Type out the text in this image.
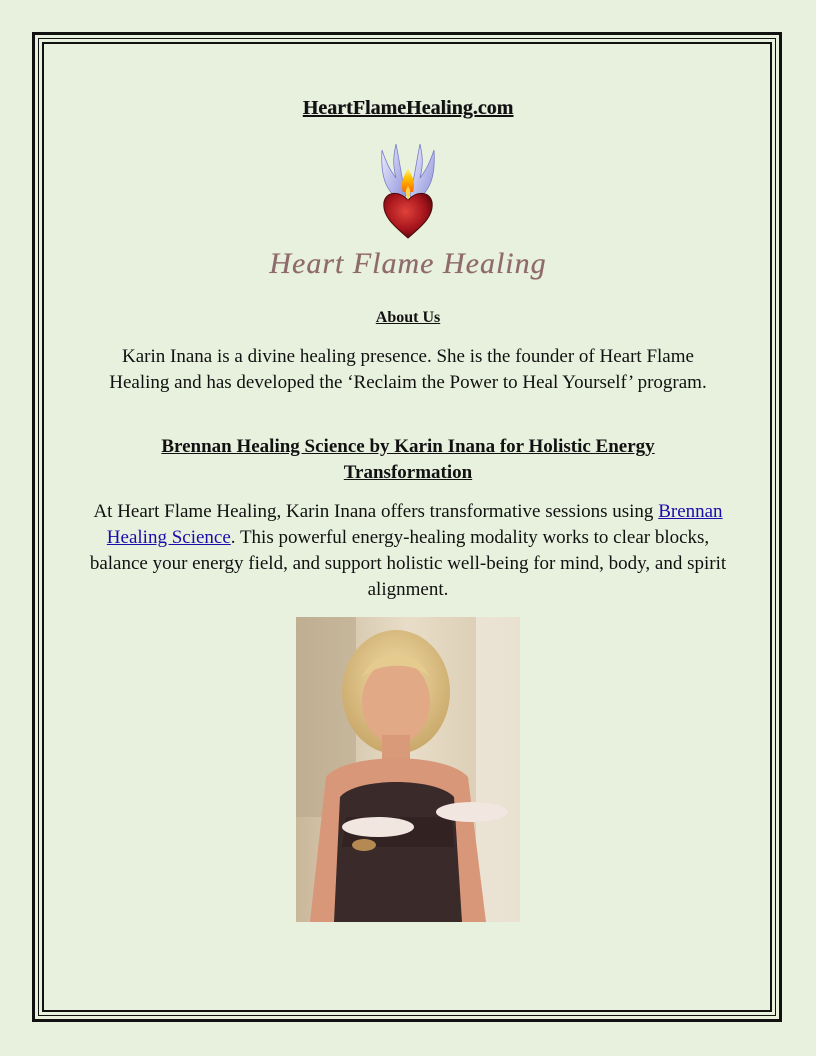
HeartFlameHealing.com
Heart Flame Healing
About Us
Karin Inana is a divine healing presence. She is the founder of Heart Flame Healing and has developed the ‘Reclaim the Power to Heal Yourself’ program.
Brennan Healing Science by Karin Inana for Holistic Energy Transformation
At Heart Flame Healing, Karin Inana offers transformative sessions using Brennan Healing Science. This powerful energy-healing modality works to clear blocks, balance your energy field, and support holistic well-being for mind, body, and spirit alignment.
